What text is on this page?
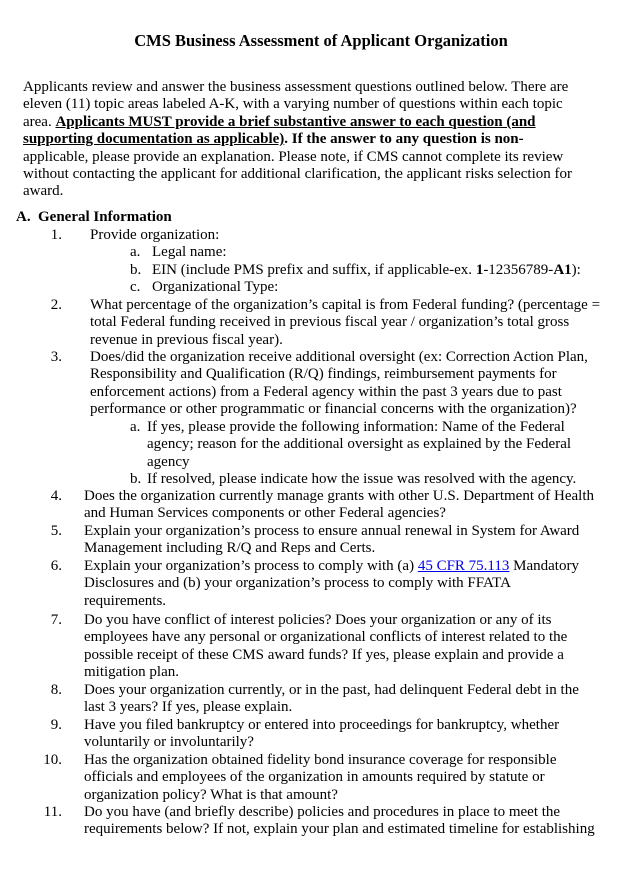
CMS Business Assessment of Applicant Organization
Applicants review and answer the business assessment questions outlined below. There are
eleven (11) topic areas labeled A-K, with a varying number of questions within each topic
area. Applicants MUST provide a brief substantive answer to each question (and
supporting documentation as applicable). If the answer to any question is non-
applicable, please provide an explanation. Please note, if CMS cannot complete its review
without contacting the applicant for additional clarification, the applicant risks selection for
award.
A. General Information
1. Provide organization:
a. Legal name:
b. EIN (include PMS prefix and suffix, if applicable-ex. 1-12356789-A1):
c. Organizational Type:
2. What percentage of the organization’s capital is from Federal funding? (percentage =
total Federal funding received in previous fiscal year / organization’s total gross
revenue in previous fiscal year).
3. Does/did the organization receive additional oversight (ex: Correction Action Plan,
Responsibility and Qualification (R/Q) findings, reimbursement payments for
enforcement actions) from a Federal agency within the past 3 years due to past
performance or other programmatic or financial concerns with the organization)?
a. If yes, please provide the following information: Name of the Federal
agency; reason for the additional oversight as explained by the Federal
agency
b. If resolved, please indicate how the issue was resolved with the agency.
4. Does the organization currently manage grants with other U.S. Department of Health
and Human Services components or other Federal agencies?
5. Explain your organization’s process to ensure annual renewal in System for Award
Management including R/Q and Reps and Certs.
6. Explain your organization’s process to comply with (a) 45 CFR 75.113 Mandatory
Disclosures and (b) your organization’s process to comply with FFATA
requirements.
7. Do you have conflict of interest policies? Does your organization or any of its
employees have any personal or organizational conflicts of interest related to the
possible receipt of these CMS award funds? If yes, please explain and provide a
mitigation plan.
8. Does your organization currently, or in the past, had delinquent Federal debt in the
last 3 years? If yes, please explain.
9. Have you filed bankruptcy or entered into proceedings for bankruptcy, whether
voluntarily or involuntarily?
10. Has the organization obtained fidelity bond insurance coverage for responsible
officials and employees of the organization in amounts required by statute or
organization policy? What is that amount?
11. Do you have (and briefly describe) policies and procedures in place to meet the
requirements below? If not, explain your plan and estimated timeline for establishing
